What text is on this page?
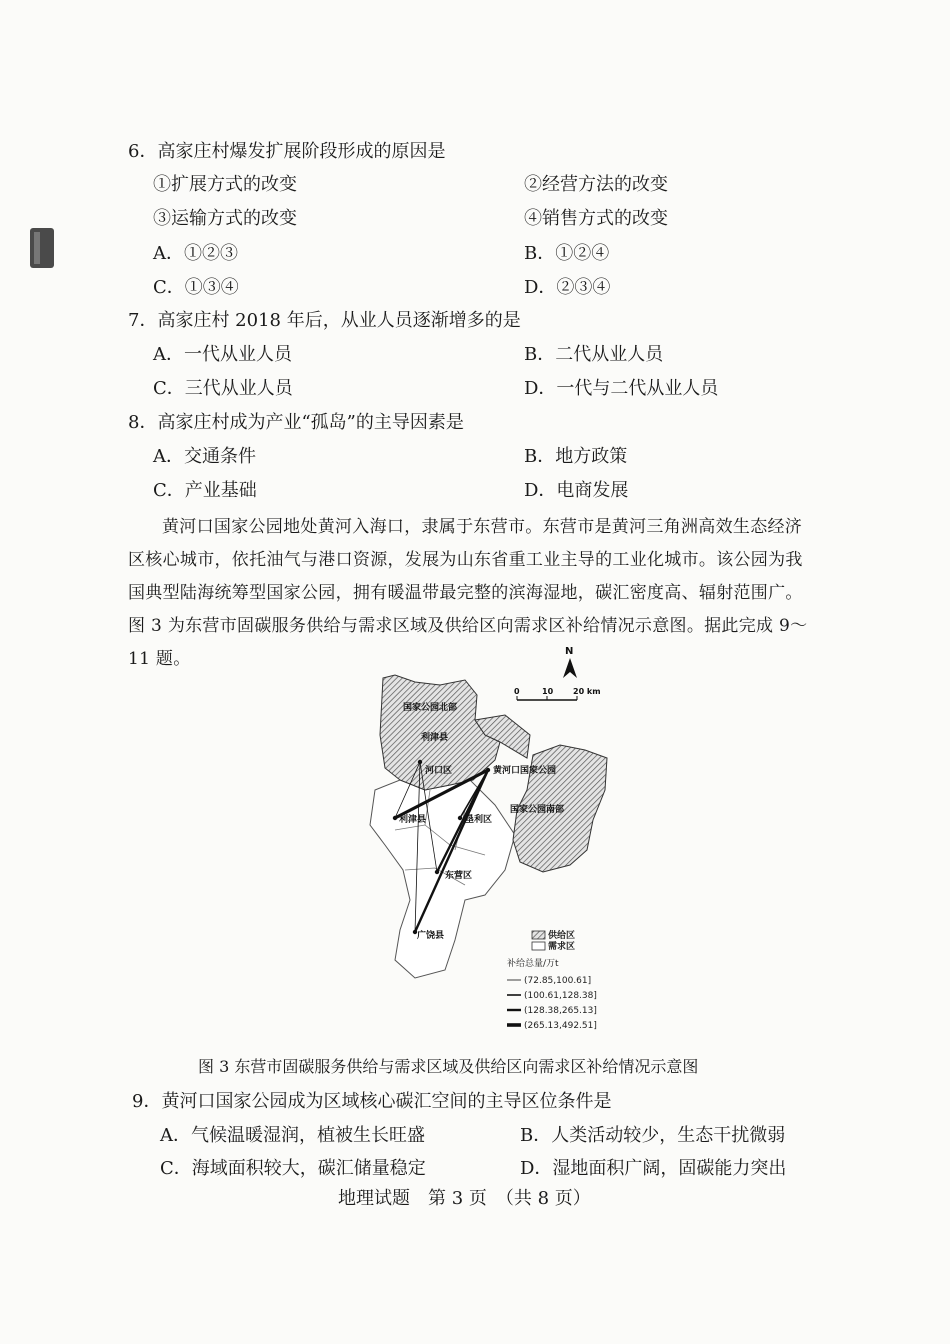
6．高家庄村爆发扩展阶段形成的原因是
①扩展方式的改变	②经营方法的改变
③运输方式的改变	④销售方式的改变
A．①②③	B．①②④
C．①③④	D．②③④
7．高家庄村 2018 年后，从业人员逐渐增多的是
A．一代从业人员	B．二代从业人员
C．三代从业人员	D．一代与二代从业人员
8．高家庄村成为产业“孤岛”的主导因素是
A．交通条件	B．地方政策
C．产业基础	D．电商发展
黄河口国家公园地处黄河入海口，隶属于东营市。东营市是黄河三角洲高效生态经济
区核心城市，依托油气与港口资源，发展为山东省重工业主导的工业化城市。该公园为我
国典型陆海统筹型国家公园，拥有暖温带最完整的滨海湿地，碳汇密度高、辐射范围广。
图 3 为东营市固碳服务供给与需求区域及供给区向需求区补给情况示意图。据此完成 9～
11 题。	N
0	10 20 km
国家公园北部
利津县
河口区	黄河口国家公园
国家公园南部
垦利区
利津县
东营区
广饶县	供给区
需求区
补给总量/万t
(72.85,100.61]
(100.61,128.38]
(128.38,265.13]
(265.13,492.51]
图 3 东营市固碳服务供给与需求区域及供给区向需求区补给情况示意图
9．黄河口国家公园成为区域核心碳汇空间的主导区位条件是
A．气候温暖湿润，植被生长旺盛	B．人类活动较少，生态干扰微弱
C．海域面积较大，碳汇储量稳定	D．湿地面积广阔，固碳能力突出
地理试题　第 3 页　（共 8 页）
